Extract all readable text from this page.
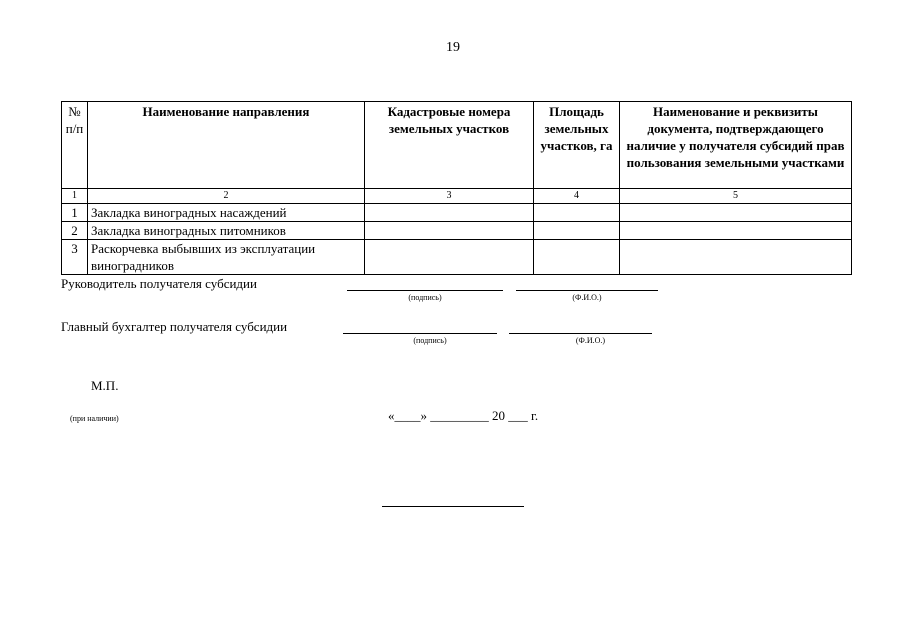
19
№ п/п	Наименование направления	Кадастровые номера земельных участков	Площадь земельных участков, га	Наименование и реквизиты документа, подтверждающего наличие у получателя субсидий прав пользования земельными участками
1	2	3	4	5
1	Закладка виноградных насаждений			
2	Закладка виноградных питомников			
3	Раскорчевка выбывших из эксплуатации виноградников			
Руководитель получателя субсидии
(подпись)	(Ф.И.О.)
Главный бухгалтер получателя субсидии
(подпись)	(Ф.И.О.)
М.П.
(при наличии)	«____» _________ 20 ___ г.
